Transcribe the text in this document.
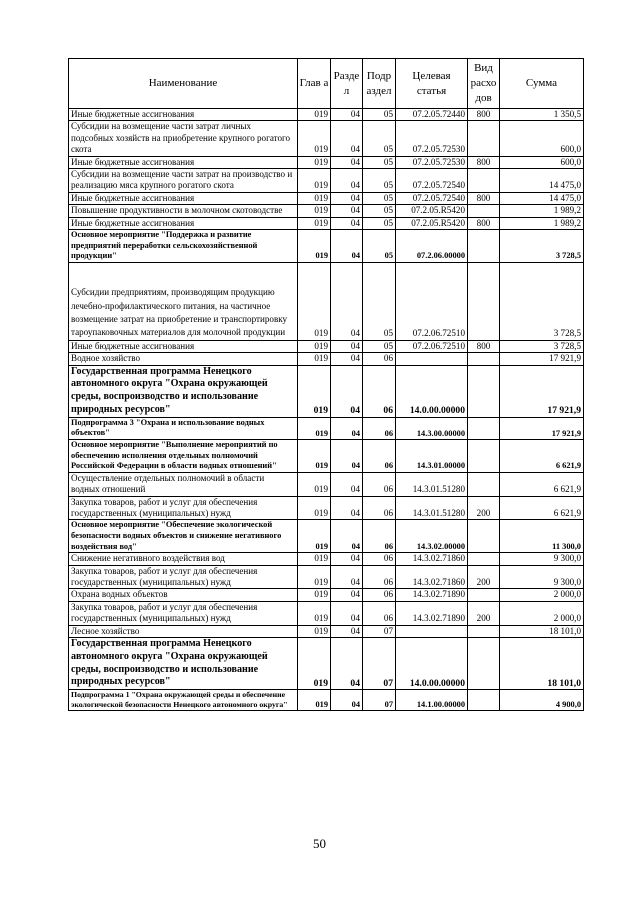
Наименование	Глав а	Разде л	Подр аздел	Целевая статья	Вид расхо дов	Сумма
Иные бюджетные ассигнования	019	04	05	07.2.05.72440	800	1 350,5
Субсидии на возмещение части затрат личных подсобных хозяйств на приобретение крупного рогатого скота	019	04	05	07.2.05.72530		600,0
Иные бюджетные ассигнования	019	04	05	07.2.05.72530	800	600,0
Субсидии на возмещение части затрат на производство и реализацию мяса крупного рогатого скота	019	04	05	07.2.05.72540		14 475,0
Иные бюджетные ассигнования	019	04	05	07.2.05.72540	800	14 475,0
Повышение продуктивности в молочном скотоводстве	019	04	05	07.2.05.R5420		1 989,2
Иные бюджетные ассигнования	019	04	05	07.2.05.R5420	800	1 989,2
Основное мероприятие "Поддержка и развитие предприятий переработки сельскохозяйственной продукции"	019	04	05	07.2.06.00000		3 728,5
Субсидии предприятиям, производящим продукцию лечебно-профилактического питания, на частичное возмещение затрат на приобретение и транспортировку тароупаковочных материалов для молочной продукции	019	04	05	07.2.06.72510		3 728,5
Иные бюджетные ассигнования	019	04	05	07.2.06.72510	800	3 728,5
Водное хозяйство	019	04	06			17 921,9
Государственная программа Ненецкого автономного округа "Охрана окружающей среды, воспроизводство и использование природных ресурсов"	019	04	06	14.0.00.00000		17 921,9
Подпрограмма 3 "Охрана и использование водных объектов"	019	04	06	14.3.00.00000		17 921,9
Основное мероприятие "Выполнение мероприятий по обеспечению исполнения отдельных полномочий Российской Федерации в области водных отношений"	019	04	06	14.3.01.00000		6 621,9
Осуществление отдельных полномочий в области водных отношений	019	04	06	14.3.01.51280		6 621,9
Закупка товаров, работ и услуг для обеспечения государственных (муниципальных) нужд	019	04	06	14.3.01.51280	200	6 621,9
Основное мероприятие "Обеспечение экологической безопасности водных объектов и снижение негативного воздействия вод"	019	04	06	14.3.02.00000		11 300,0
Снижение негативного воздействия вод	019	04	06	14.3.02.71860		9 300,0
Закупка товаров, работ и услуг для обеспечения государственных (муниципальных) нужд	019	04	06	14.3.02.71860	200	9 300,0
Охрана водных объектов	019	04	06	14.3.02.71890		2 000,0
Закупка товаров, работ и услуг для обеспечения государственных (муниципальных) нужд	019	04	06	14.3.02.71890	200	2 000,0
Лесное хозяйство	019	04	07			18 101,0
Государственная программа Ненецкого автономного округа "Охрана окружающей среды, воспроизводство и использование природных ресурсов"	019	04	07	14.0.00.00000		18 101,0
Подпрограмма 1 "Охрана окружающей среды и обеспечение экологической безопасности Ненецкого автономного округа"	019	04	07	14.1.00.00000		4 900,0
50
